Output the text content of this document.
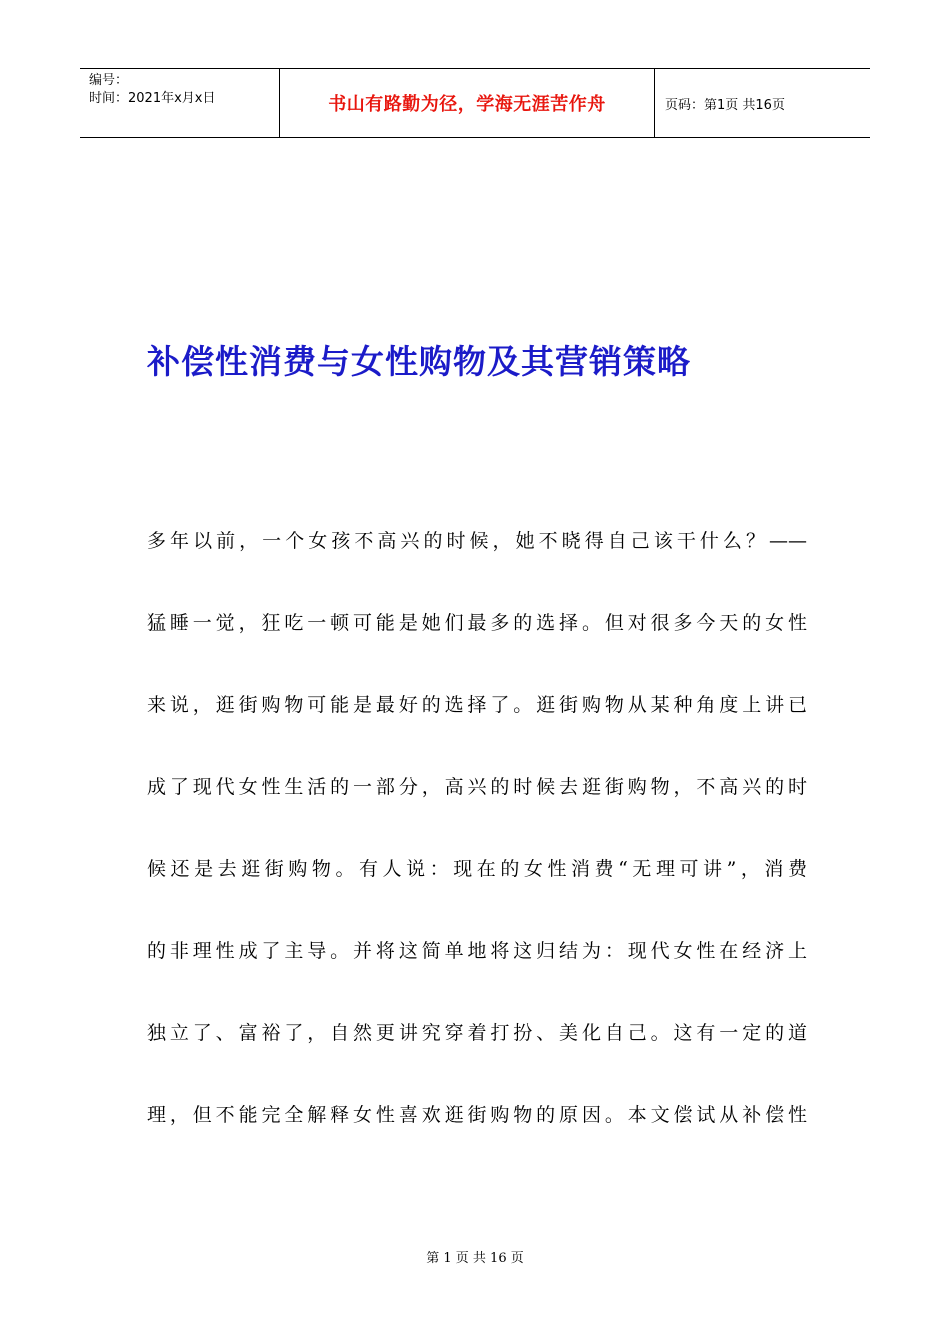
编号：
时间：2021年x月x日	书山有路勤为径，学海无涯苦作舟	页码：第1页 共16页
补偿性消费与女性购物及其营销策略
多年以前，一个女孩不高兴的时候，她不晓得自己该干什么？——
猛睡一觉，狂吃一顿可能是她们最多的选择。但对很多今天的女性
来说，逛街购物可能是最好的选择了。逛街购物从某种角度上讲已
成了现代女性生活的一部分，高兴的时候去逛街购物，不高兴的时
候还是去逛街购物。有人说：现在的女性消费“无理可讲”，消费
的非理性成了主导。并将这简单地将这归结为：现代女性在经济上
独立了、富裕了，自然更讲究穿着打扮、美化自己。这有一定的道
理，但不能完全解释女性喜欢逛街购物的原因。本文偿试从补偿性
第 1 页 共 16 页
